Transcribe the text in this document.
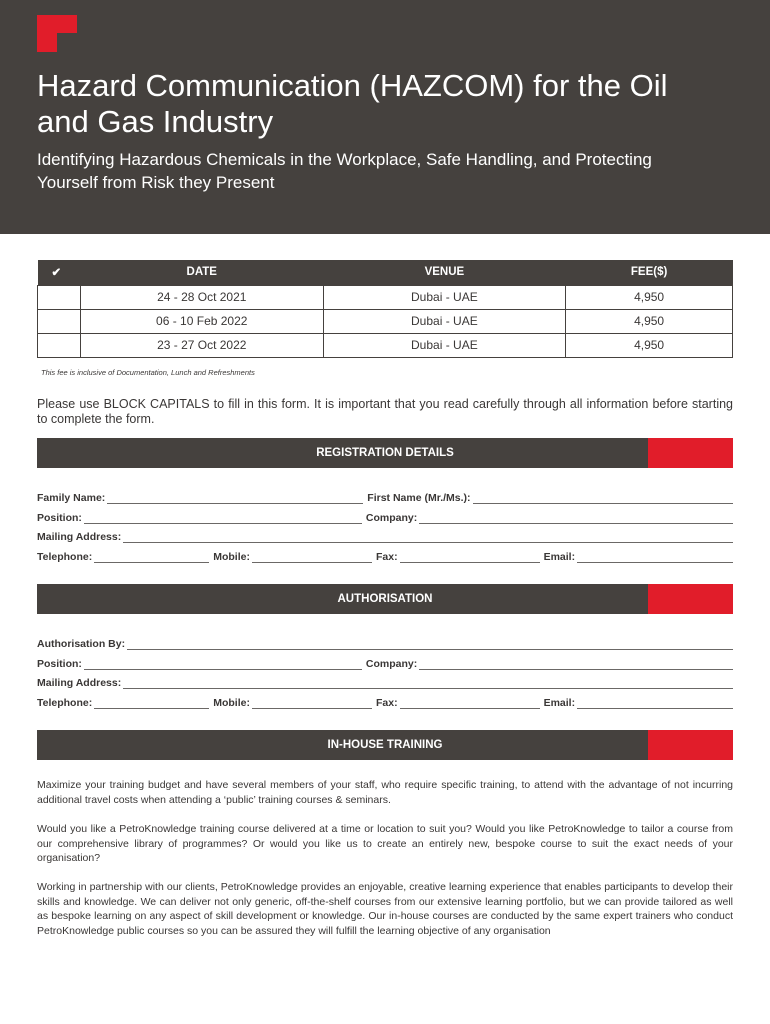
Hazard Communication (HAZCOM) for the Oil and Gas Industry

Identifying Hazardous Chemicals in the Workplace, Safe Handling, and Protecting Yourself from Risk they Present

✔	DATE	VENUE	FEE($)
	24 - 28 Oct 2021	Dubai - UAE	4,950
	06 - 10 Feb 2022	Dubai - UAE	4,950
	23 - 27 Oct 2022	Dubai - UAE	4,950
This fee is inclusive of Documentation, Lunch and Refreshments

Please use BLOCK CAPITALS to fill in this form. It is important that you read carefully through all information before starting to complete the form.

REGISTRATION DETAILS
Family Name:	First Name (Mr./Ms.):
Position:	Company:
Mailing Address:
Telephone:	Mobile:	Fax:	Email:
AUTHORISATION
Authorisation By:
Position:	Company:
Mailing Address:
Telephone:	Mobile:	Fax:	Email:
IN-HOUSE TRAINING

Maximize your training budget and have several members of your staff, who require specific training, to attend with the advantage of not incurring additional travel costs when attending a ‘public’ training courses & seminars.

Would you like a PetroKnowledge training course delivered at a time or location to suit you? Would you like PetroKnowledge to tailor a course from our comprehensive library of programmes? Or would you like us to create an entirely new, bespoke course to suit the exact needs of your organisation?

Working in partnership with our clients, PetroKnowledge provides an enjoyable, creative learning experience that enables participants to develop their skills and knowledge. We can deliver not only generic, off-the-shelf courses from our extensive learning portfolio, but we can provide tailored as well as bespoke learning on any aspect of skill development or knowledge. Our in-house courses are conducted by the same expert trainers who conduct PetroKnowledge public courses so you can be assured they will fulfill the learning objective of any organisation
